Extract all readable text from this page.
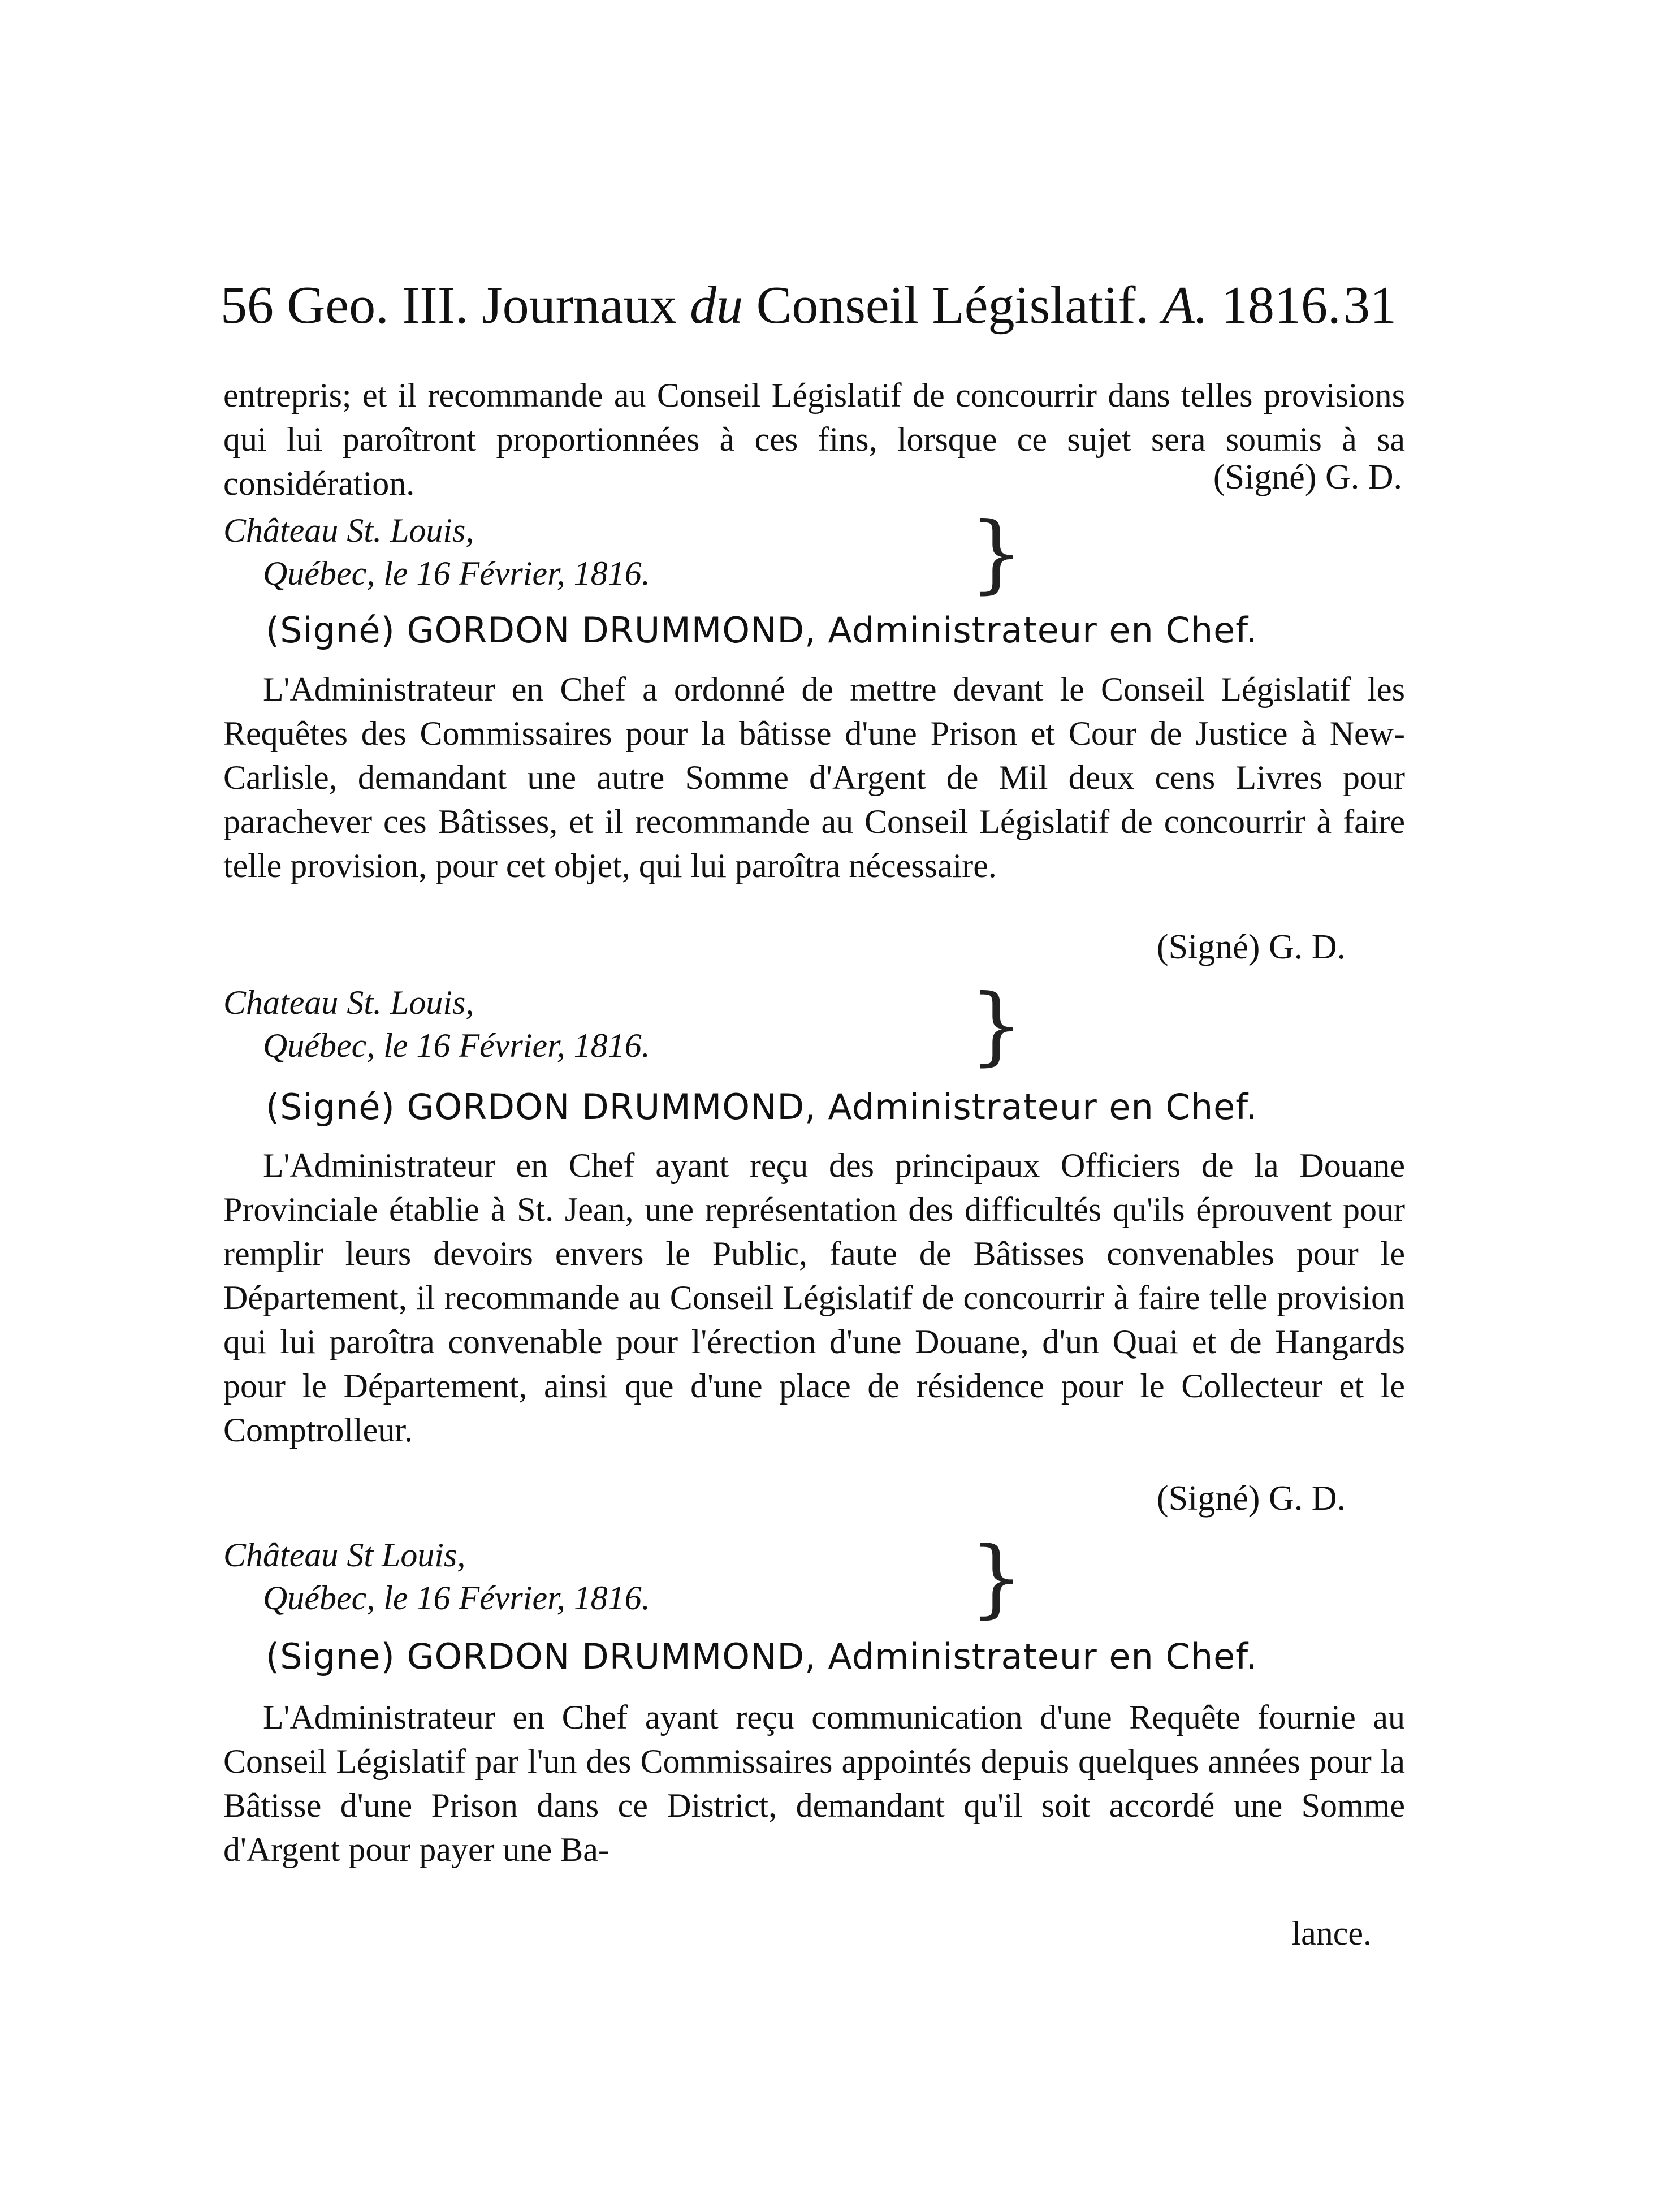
56 Geo. III. Journaux du Conseil Législatif. A. 1816. 31
entrepris; et il recommande au Conseil Législatif de concourrir dans telles provisions qui lui paroîtront proportionnées à ces fins, lorsque ce sujet sera soumis à sa considération.	(Signé) G. D.
Château St. Louis,
Québec, le 16 Février, 1816.	}
(Signé) GORDON DRUMMOND, Administrateur en Chef.
L'Administrateur en Chef a ordonné de mettre devant le Conseil Législatif les Requêtes des Commissaires pour la bâtisse d'une Prison et Cour de Justice à New-Carlisle, demandant une autre Somme d'Argent de Mil deux cens Livres pour parachever ces Bâtisses, et il recommande au Conseil Législatif de concourrir à faire telle provision, pour cet objet, qui lui paroîtra nécessaire.
(Signé) G. D.
Chateau St. Louis,
Québec, le 16 Février, 1816.	}
(Signé) GORDON DRUMMOND, Administrateur en Chef.
L'Administrateur en Chef ayant reçu des principaux Officiers de la Douane Provinciale établie à St. Jean, une représentation des difficultés qu'ils éprouvent pour remplir leurs devoirs envers le Public, faute de Bâtisses convenables pour le Département, il recommande au Conseil Législatif de concourrir à faire telle provision qui lui paroîtra convenable pour l'érection d'une Douane, d'un Quai et de Hangards pour le Département, ainsi que d'une place de résidence pour le Collecteur et le Comptrolleur.
(Signé) G. D.
Château St Louis,
Québec, le 16 Février, 1816.	}
(Signe) GORDON DRUMMOND, Administrateur en Chef.
L'Administrateur en Chef ayant reçu communication d'une Requête fournie au Conseil Législatif par l'un des Commissaires appointés depuis quelques années pour la Bâtisse d'une Prison dans ce District, demandant qu'il soit accordé une Somme d'Argent pour payer une Ba-
lance.
